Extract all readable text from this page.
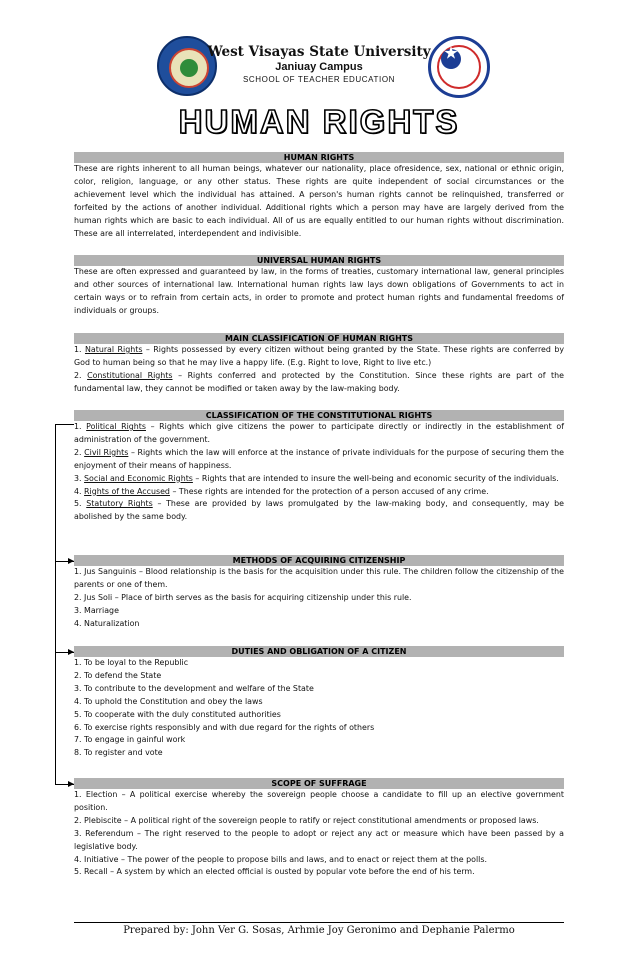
West Visayas State University
Janiuay Campus
SCHOOL OF TEACHER EDUCATION
HUMAN RIGHTS
HUMAN RIGHTS
These are rights inherent to all human beings, whatever our nationality, place ofresidence, sex, national or ethnic origin, color, religion, language, or any other status. These rights are quite independent of social circumstances or the achievement level which the individual has attained. A person's human rights cannot be relinquished, transferred or forfeited by the actions of another individual. Additional rights which a person may have are largely derived from the human rights which are basic to each individual. All of us are equally entitled to our human rights without discrimination. These are all interrelated, interdependent and indivisible.
UNIVERSAL HUMAN RIGHTS
These are often expressed and guaranteed by law, in the forms of treaties, customary international law, general principles and other sources of international law. International human rights law lays down obligations of Governments to act in certain ways or to refrain from certain acts, in order to promote and protect human rights and fundamental freedoms of individuals or groups.
MAIN CLASSIFICATION OF HUMAN RIGHTS
1. Natural Rights – Rights possessed by every citizen without being granted by the State. These rights are conferred by God to human being so that he may live a happy life. (E.g. Right to love, Right to live etc.)
2. Constitutional Rights – Rights conferred and protected by the Constitution. Since these rights are part of the fundamental law, they cannot be modified or taken away by the law-making body.
CLASSIFICATION OF THE CONSTITUTIONAL RIGHTS
1. Political Rights – Rights which give citizens the power to participate directly or indirectly in the establishment of administration of the government.
2. Civil Rights – Rights which the law will enforce at the instance of private individuals for the purpose of securing them the enjoyment of their means of happiness.
3. Social and Economic Rights – Rights that are intended to insure the well-being and economic security of the individuals.
4. Rights of the Accused – These rights are intended for the protection of a person accused of any crime.
5. Statutory Rights – These are provided by laws promulgated by the law-making body, and consequently, may be abolished by the same body.
METHODS OF ACQUIRING CITIZENSHIP
1. Jus Sanguinis – Blood relationship is the basis for the acquisition under this rule. The children follow the citizenship of the parents or one of them.
2. Jus Soli – Place of birth serves as the basis for acquiring citizenship under this rule.
3. Marriage
4. Naturalization
DUTIES AND OBLIGATION OF A CITIZEN
1. To be loyal to the Republic
2. To defend the State
3. To contribute to the development and welfare of the State
4. To uphold the Constitution and obey the laws
5. To cooperate with the duly constituted authorities
6. To exercise rights responsibly and with due regard for the rights of others
7. To engage in gainful work
8. To register and vote
SCOPE OF SUFFRAGE
1. Election – A political exercise whereby the sovereign people choose a candidate to fill up an elective government position.
2. Plebiscite – A political right of the sovereign people to ratify or reject constitutional amendments or proposed laws.
3. Referendum – The right reserved to the people to adopt or reject any act or measure which have been passed by a legislative body.
4. Initiative – The power of the people to propose bills and laws, and to enact or reject them at the polls.
5. Recall – A system by which an elected official is ousted by popular vote before the end of his term.
Prepared by: John Ver G. Sosas, Arhmie Joy Geronimo and Dephanie Palermo
